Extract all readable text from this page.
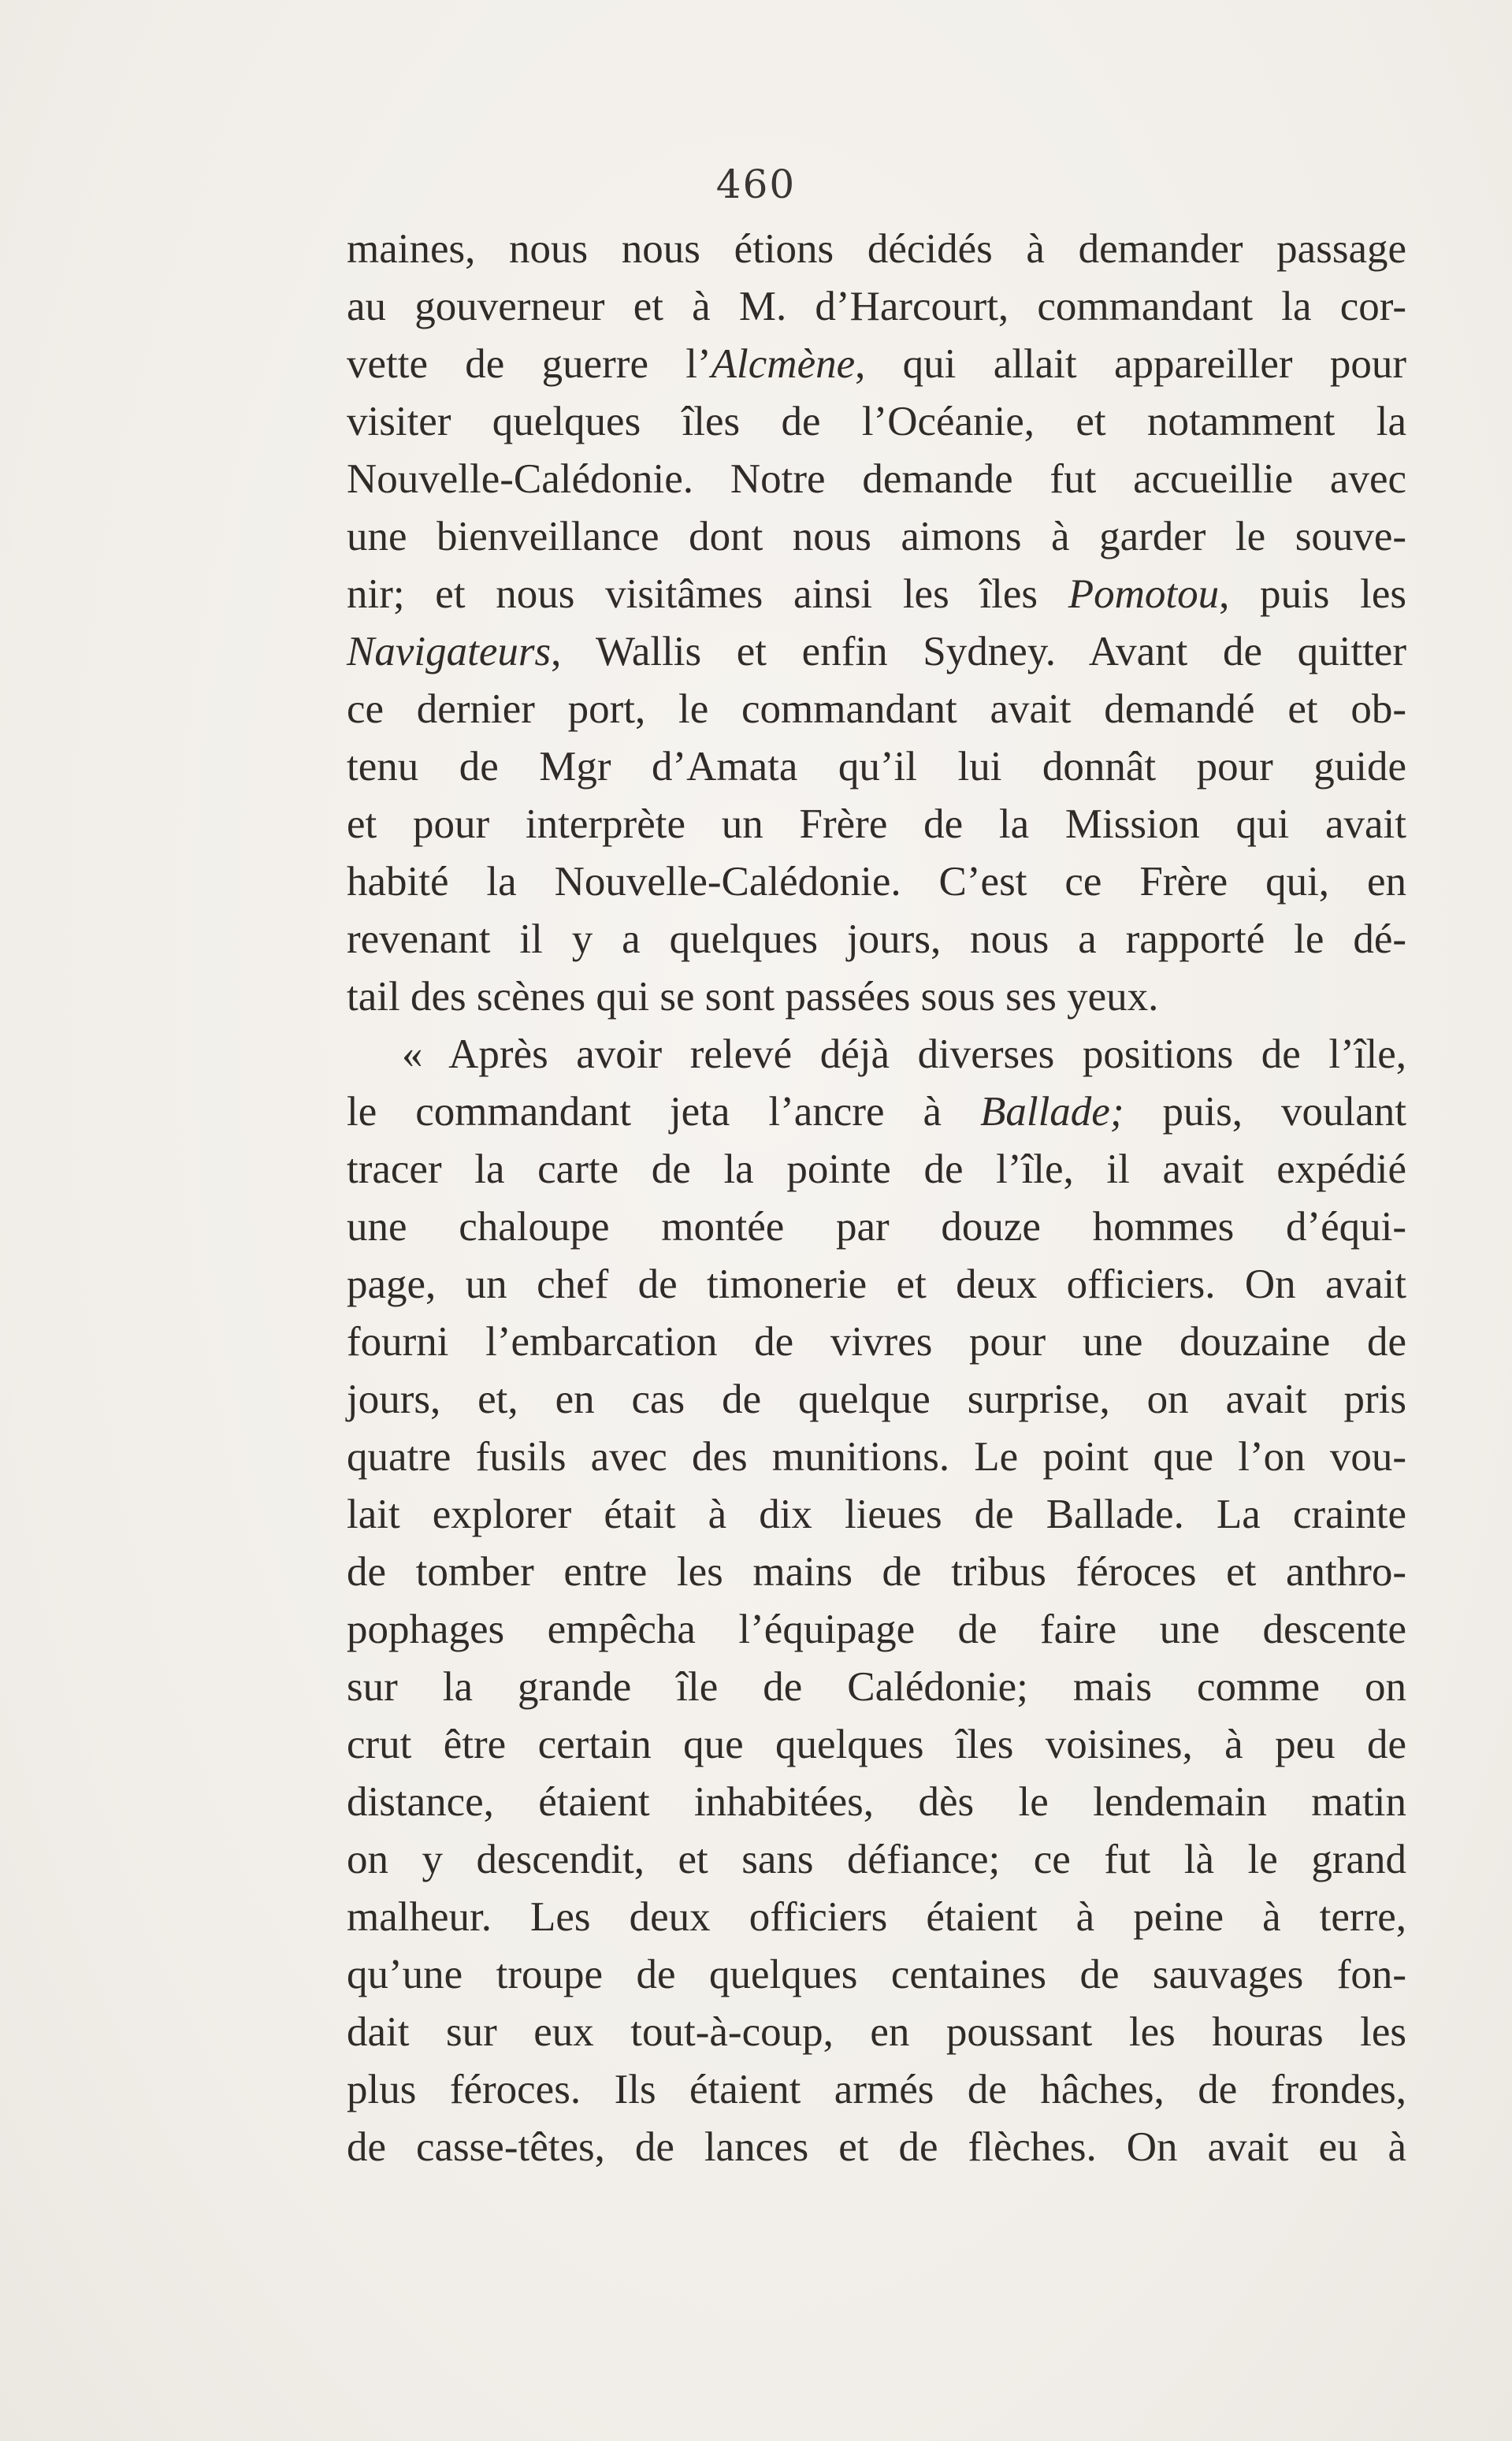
460
maines, nous nous étions décidés à demander passage
au gouverneur et à M. d’Harcourt, commandant la cor-
vette de guerre l’Alcmène, qui allait appareiller pour
visiter quelques îles de l’Océanie, et notamment la
Nouvelle-Calédonie. Notre demande fut accueillie avec
une bienveillance dont nous aimons à garder le souve-
nir; et nous visitâmes ainsi les îles Pomotou, puis les
Navigateurs, Wallis et enfin Sydney. Avant de quitter
ce dernier port, le commandant avait demandé et ob-
tenu de Mgr d’Amata qu’il lui donnât pour guide
et pour interprète un Frère de la Mission qui avait
habité la Nouvelle-Calédonie. C’est ce Frère qui, en
revenant il y a quelques jours, nous a rapporté le dé-
tail des scènes qui se sont passées sous ses yeux.
« Après avoir relevé déjà diverses positions de l’île,
le commandant jeta l’ancre à Ballade; puis, voulant
tracer la carte de la pointe de l’île, il avait expédié
une chaloupe montée par douze hommes d’équi-
page, un chef de timonerie et deux officiers. On avait
fourni l’embarcation de vivres pour une douzaine de
jours, et, en cas de quelque surprise, on avait pris
quatre fusils avec des munitions. Le point que l’on vou-
lait explorer était à dix lieues de Ballade. La crainte
de tomber entre les mains de tribus féroces et anthro-
pophages empêcha l’équipage de faire une descente
sur la grande île de Calédonie; mais comme on
crut être certain que quelques îles voisines, à peu de
distance, étaient inhabitées, dès le lendemain matin
on y descendit, et sans défiance; ce fut là le grand
malheur. Les deux officiers étaient à peine à terre,
qu’une troupe de quelques centaines de sauvages fon-
dait sur eux tout-à-coup, en poussant les houras les
plus féroces. Ils étaient armés de hâches, de frondes,
de casse-têtes, de lances et de flèches. On avait eu à
